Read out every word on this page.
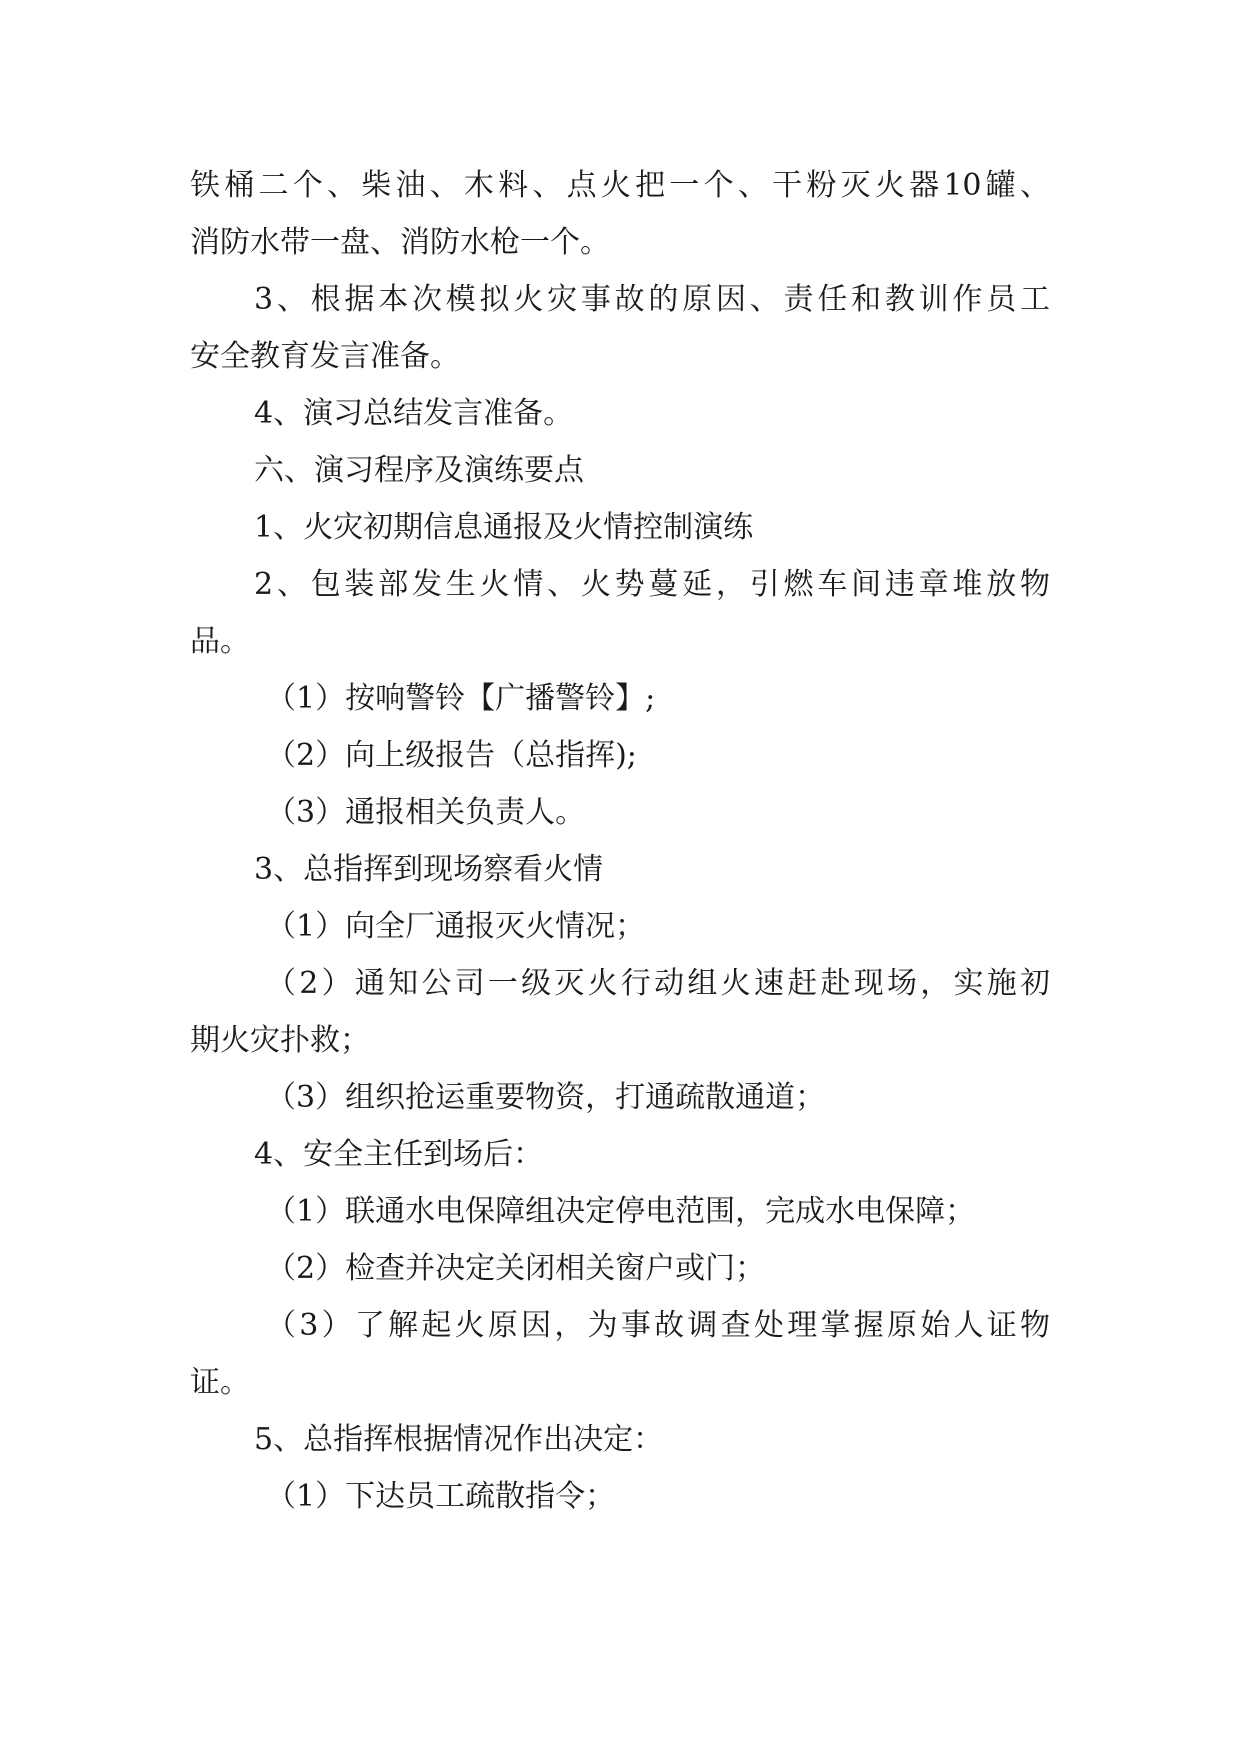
铁桶二个、柴油、木料、点火把一个、干粉灭火器10罐、
消防水带一盘、消防水枪一个。
3、根据本次模拟火灾事故的原因、责任和教训作员工
安全教育发言准备。
4、演习总结发言准备。
六、演习程序及演练要点
1、火灾初期信息通报及火情控制演练
2、包装部发生火情、火势蔓延，引燃车间违章堆放物
品。
（1）按响警铃【广播警铃】;
（2）向上级报告（总指挥);
（3）通报相关负责人。
3、总指挥到现场察看火情
（1）向全厂通报灭火情况；
（2）通知公司一级灭火行动组火速赶赴现场，实施初
期火灾扑救；
（3）组织抢运重要物资，打通疏散通道；
4、安全主任到场后：
（1）联通水电保障组决定停电范围，完成水电保障；
（2）检查并决定关闭相关窗户或门；
（3）了解起火原因，为事故调查处理掌握原始人证物
证。
5、总指挥根据情况作出决定：
（1）下达员工疏散指令；
